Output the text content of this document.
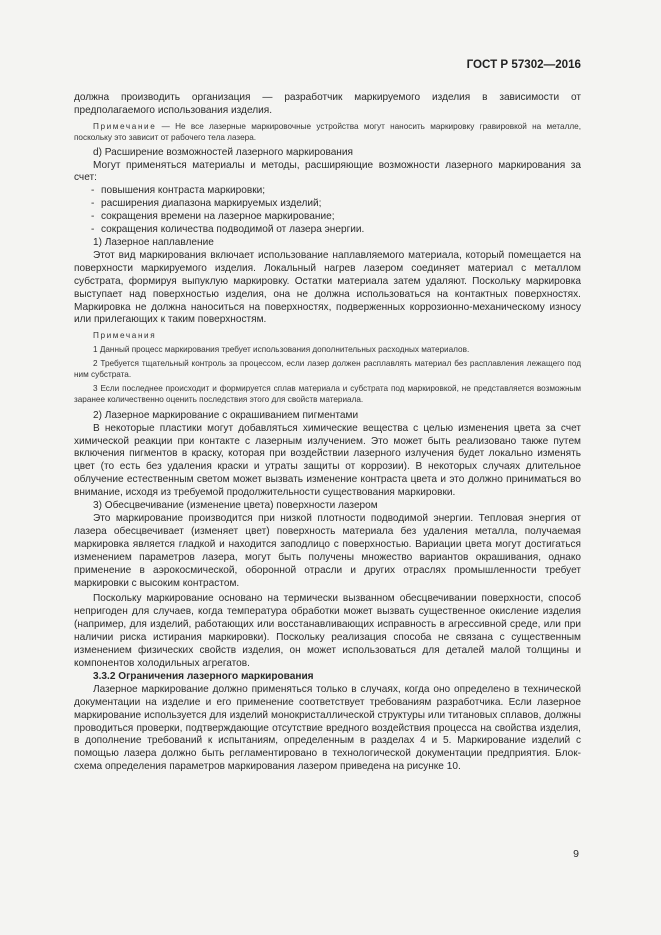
ГОСТ Р 57302—2016

должна производить организация — разработчик маркируемого изделия в зависимости от предполагаемого использования изделия.

Примечание — Не все лазерные маркировочные устройства могут наносить маркировку гравировкой на металле, поскольку это зависит от рабочего тела лазера.

d) Расширение возможностей лазерного маркирования

Могут применяться материалы и методы, расширяющие возможности лазерного маркирования за счет:

- повышения контраста маркировки;
- расширения диапазона маркируемых изделий;
- сокращения времени на лазерное маркирование;
- сокращения количества подводимой от лазера энергии.

1) Лазерное наплавление

Этот вид маркирования включает использование наплавляемого материала, который помещается на поверхности маркируемого изделия. Локальный нагрев лазером соединяет материал с металлом субстрата, формируя выпуклую маркировку. Остатки материала затем удаляют. Поскольку маркировка выступает над поверхностью изделия, она не должна использоваться на контактных поверхностях. Маркировка не должна наноситься на поверхностях, подверженных коррозионно-механическому износу или прилегающих к таким поверхностям.

Примечания

1 Данный процесс маркирования требует использования дополнительных расходных материалов.

2 Требуется тщательный контроль за процессом, если лазер должен расплавлять материал без расплавления лежащего под ним субстрата.

3 Если последнее происходит и формируется сплав материала и субстрата под маркировкой, не представляется возможным заранее количественно оценить последствия этого для свойств материала.

2) Лазерное маркирование с окрашиванием пигментами

В некоторые пластики могут добавляться химические вещества с целью изменения цвета за счет химической реакции при контакте с лазерным излучением. Это может быть реализовано также путем включения пигментов в краску, которая при воздействии лазерного излучения будет локально изменять цвет (то есть без удаления краски и утраты защиты от коррозии). В некоторых случаях длительное облучение естественным светом может вызвать изменение контраста цвета и это должно приниматься во внимание, исходя из требуемой продолжительности существования маркировки.

3) Обесцвечивание (изменение цвета) поверхности лазером

Это маркирование производится при низкой плотности подводимой энергии. Тепловая энергия от лазера обесцвечивает (изменяет цвет) поверхность материала без удаления металла, получаемая маркировка является гладкой и находится заподлицо с поверхностью. Вариации цвета могут достигаться изменением параметров лазера, могут быть получены множество вариантов окрашивания, однако применение в аэрокосмической, оборонной отрасли и других отраслях промышленности требует маркировки с высоким контрастом.

Поскольку маркирование основано на термически вызванном обесцвечивании поверхности, способ непригоден для случаев, когда температура обработки может вызвать существенное окисление изделия (например, для изделий, работающих или восстанавливающих исправность в агрессивной среде, или при наличии риска истирания маркировки). Поскольку реализация способа не связана с существенным изменением физических свойств изделия, он может использоваться для деталей малой толщины и компонентов холодильных агрегатов.

3.3.2 Ограничения лазерного маркирования

Лазерное маркирование должно применяться только в случаях, когда оно определено в технической документации на изделие и его применение соответствует требованиям разработчика. Если лазерное маркирование используется для изделий монокристаллической структуры или титановых сплавов, должны проводиться проверки, подтверждающие отсутствие вредного воздействия процесса на свойства изделия, в дополнение требований к испытаниям, определенным в разделах 4 и 5. Маркирование изделий с помощью лазера должно быть регламентировано в технологической документации предприятия. Блок-схема определения параметров маркирования лазером приведена на рисунке 10.

9
